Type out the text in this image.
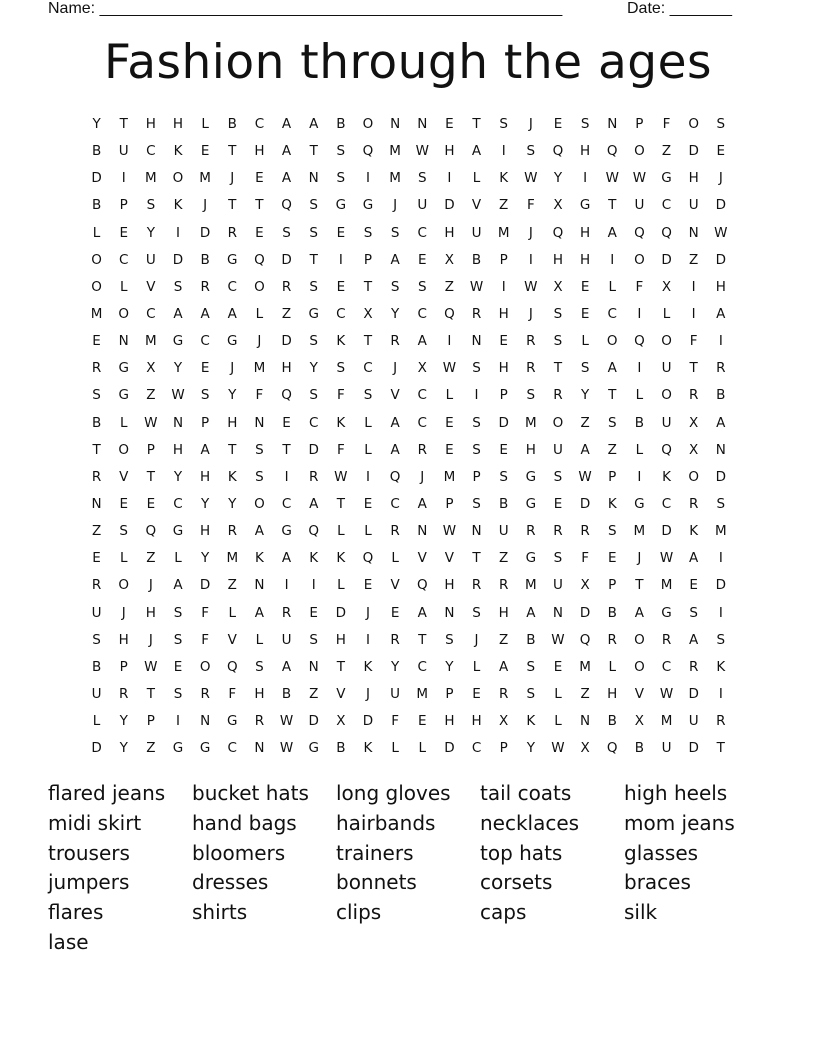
Name: ____________________________________________________	Date: _______
Fashion through the ages
Y	T	H	H	L	B	C	A	A	B	O	N	N	E	T	S	J	E	S	N	P	F	O	S
B	U	C	K	E	T	H	A	T	S	Q	M	W	H	A	I	S	Q	H	Q	O	Z	D	E
D	I	M	O	M	J	E	A	N	S	I	M	S	I	L	K	W	Y	I	W	W	G	H	J
B	P	S	K	J	T	T	Q	S	G	G	J	U	D	V	Z	F	X	G	T	U	C	U	D
L	E	Y	I	D	R	E	S	S	E	S	S	C	H	U	M	J	Q	H	A	Q	Q	N	W
O	C	U	D	B	G	Q	D	T	I	P	A	E	X	B	P	I	H	H	I	O	D	Z	D
O	L	V	S	R	C	O	R	S	E	T	S	S	Z	W	I	W	X	E	L	F	X	I	H
M	O	C	A	A	A	L	Z	G	C	X	Y	C	Q	R	H	J	S	E	C	I	L	I	A
E	N	M	G	C	G	J	D	S	K	T	R	A	I	N	E	R	S	L	O	Q	O	F	I
R	G	X	Y	E	J	M	H	Y	S	C	J	X	W	S	H	R	T	S	A	I	U	T	R
S	G	Z	W	S	Y	F	Q	S	F	S	V	C	L	I	P	S	R	Y	T	L	O	R	B
B	L	W	N	P	H	N	E	C	K	L	A	C	E	S	D	M	O	Z	S	B	U	X	A
T	O	P	H	A	T	S	T	D	F	L	A	R	E	S	E	H	U	A	Z	L	Q	X	N
R	V	T	Y	H	K	S	I	R	W	I	Q	J	M	P	S	G	S	W	P	I	K	O	D
N	E	E	C	Y	Y	O	C	A	T	E	C	A	P	S	B	G	E	D	K	G	C	R	S
Z	S	Q	G	H	R	A	G	Q	L	L	R	N	W	N	U	R	R	R	S	M	D	K	M
E	L	Z	L	Y	M	K	A	K	K	Q	L	V	V	T	Z	G	S	F	E	J	W	A	I
R	O	J	A	D	Z	N	I	I	L	E	V	Q	H	R	R	M	U	X	P	T	M	E	D
U	J	H	S	F	L	A	R	E	D	J	E	A	N	S	H	A	N	D	B	A	G	S	I
S	H	J	S	F	V	L	U	S	H	I	R	T	S	J	Z	B	W	Q	R	O	R	A	S
B	P	W	E	O	Q	S	A	N	T	K	Y	C	Y	L	A	S	E	M	L	O	C	R	K
U	R	T	S	R	F	H	B	Z	V	J	U	M	P	E	R	S	L	Z	H	V	W	D	I
L	Y	P	I	N	G	R	W	D	X	D	F	E	H	H	X	K	L	N	B	X	M	U	R
D	Y	Z	G	G	C	N	W	G	B	K	L	L	D	C	P	Y	W	X	Q	B	U	D	T
flared jeans	bucket hats	long gloves	tail coats	high heels
midi skirt	hand bags	hairbands	necklaces	mom jeans
trousers	bloomers	trainers	top hats	glasses
jumpers	dresses	bonnets	corsets	braces
flares	shirts	clips	caps	silk
lase
